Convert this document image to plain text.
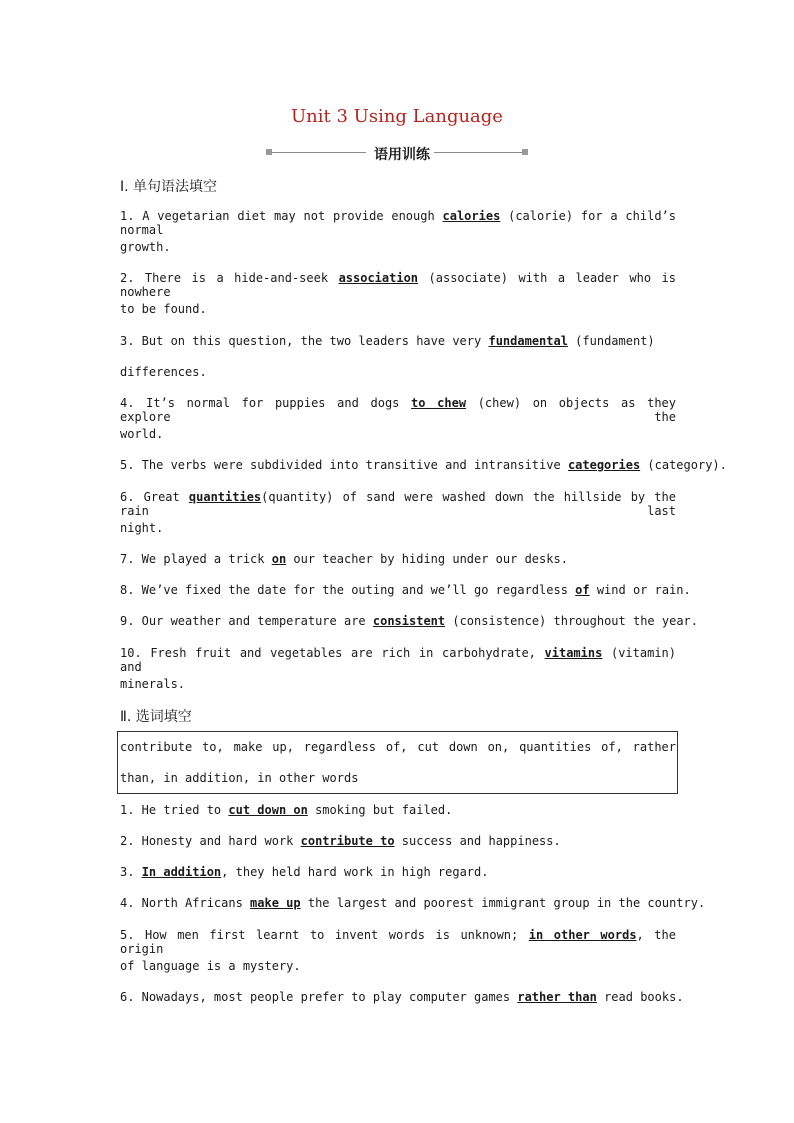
Unit 3 Using Language
语用训练
Ⅰ. 单句语法填空
1. A vegetarian diet may not provide enough calories (calorie) for a child’s normal
growth.
2. There is a hide-and-seek association (associate) with a leader who is nowhere
to be found.
3. But on this question, the two leaders have very fundamental (fundament)
differences.
4. It’s normal for puppies and dogs to chew (chew) on objects as they explore the
world.
5. The verbs were subdivided into transitive and intransitive categories (category).
6. Great quantities(quantity) of sand were washed down the hillside by the rain last
night.
7. We played a trick on our teacher by hiding under our desks.
8. We’ve fixed the date for the outing and we’ll go regardless of wind or rain.
9. Our weather and temperature are consistent (consistence) throughout the year.
10. Fresh fruit and vegetables are rich in carbohydrate, vitamins (vitamin) and
minerals.
Ⅱ. 选词填空
contribute to, make up, regardless of, cut down on, quantities of, rather
than, in addition, in other words
1. He tried to cut down on smoking but failed.
2. Honesty and hard work contribute to success and happiness.
3. In addition, they held hard work in high regard.
4. North Africans make up the largest and poorest immigrant group in the country.
5. How men first learnt to invent words is unknown; in other words, the origin
of language is a mystery.
6. Nowadays, most people prefer to play computer games rather than read books.
